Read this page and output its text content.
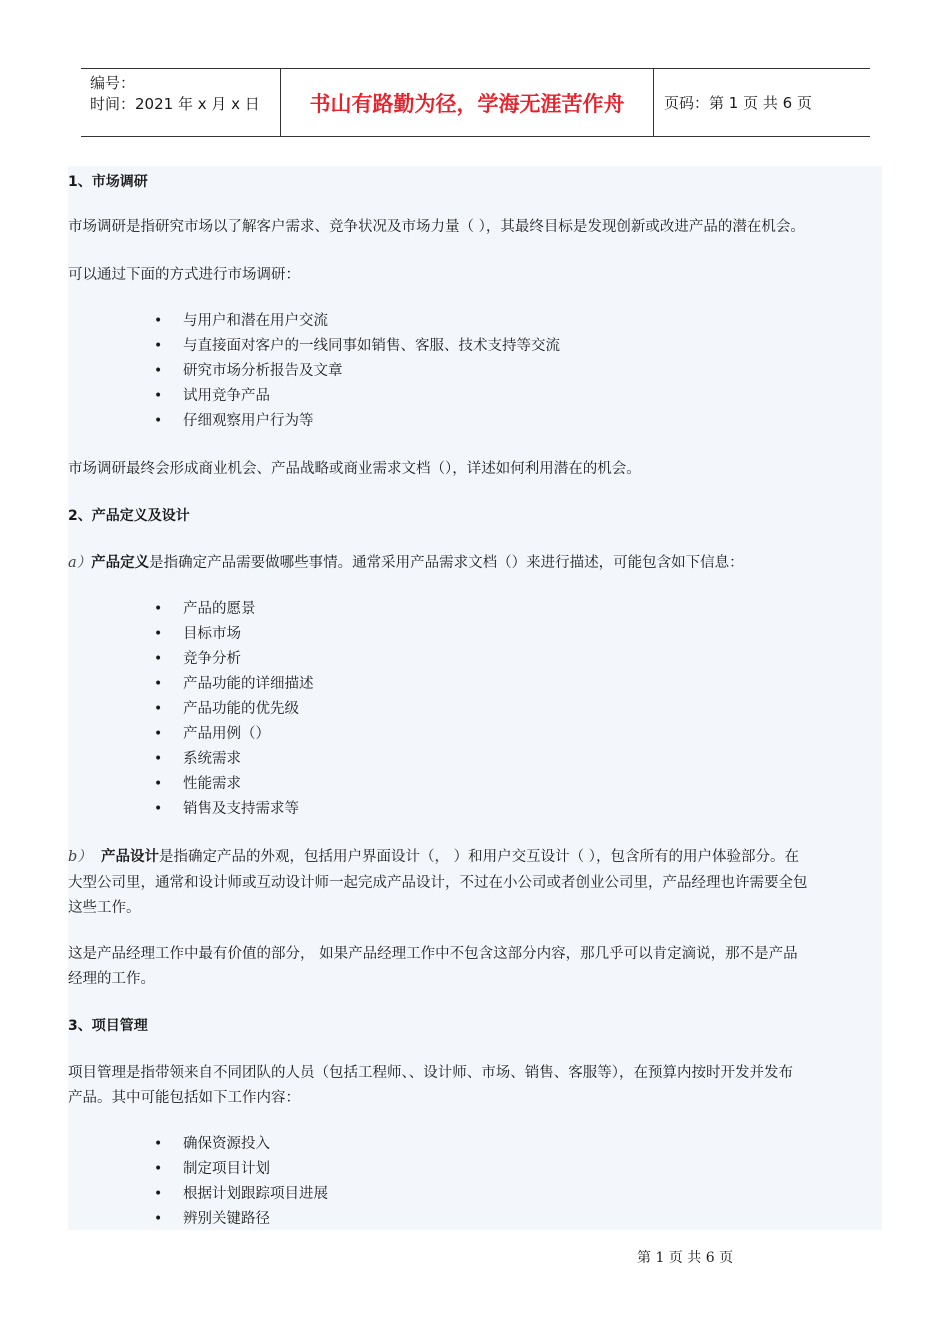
编号：
时间：2021 年 x 月 x 日	书山有路勤为径，学海无涯苦作舟	页码：第 1 页 共 6 页

1、市场调研

市场调研是指研究市场以了解客户需求、竞争状况及市场力量（ ），其最终目标是发现创新或改进产品的潜在机会。

可以通过下面的方式进行市场调研：

• 与用户和潜在用户交流
• 与直接面对客户的一线同事如销售、客服、技术支持等交流
• 研究市场分析报告及文章
• 试用竞争产品
• 仔细观察用户行为等

市场调研最终会形成商业机会、产品战略或商业需求文档（），详述如何利用潜在的机会。

2、产品定义及设计

a）产品定义是指确定产品需要做哪些事情。通常采用产品需求文档（）来进行描述，可能包含如下信息：

• 产品的愿景
• 目标市场
• 竞争分析
• 产品功能的详细描述
• 产品功能的优先级
• 产品用例（）
• 系统需求
• 性能需求
• 销售及支持需求等

b） 产品设计是指确定产品的外观，包括用户界面设计（， ）和用户交互设计（ ），包含所有的用户体验部分。在

大型公司里，通常和设计师或互动设计师一起完成产品设计，不过在小公司或者创业公司里，产品经理也许需要全包

这些工作。

这是产品经理工作中最有价值的部分， 如果产品经理工作中不包含这部分内容，那几乎可以肯定滴说，那不是产品

经理的工作。

3、项目管理

项目管理是指带领来自不同团队的人员（包括工程师、、设计师、市场、销售、客服等），在预算内按时开发并发布

产品。其中可能包括如下工作内容：

• 确保资源投入
• 制定项目计划
• 根据计划跟踪项目进展
• 辨别关键路径
第 1 页 共 6 页
